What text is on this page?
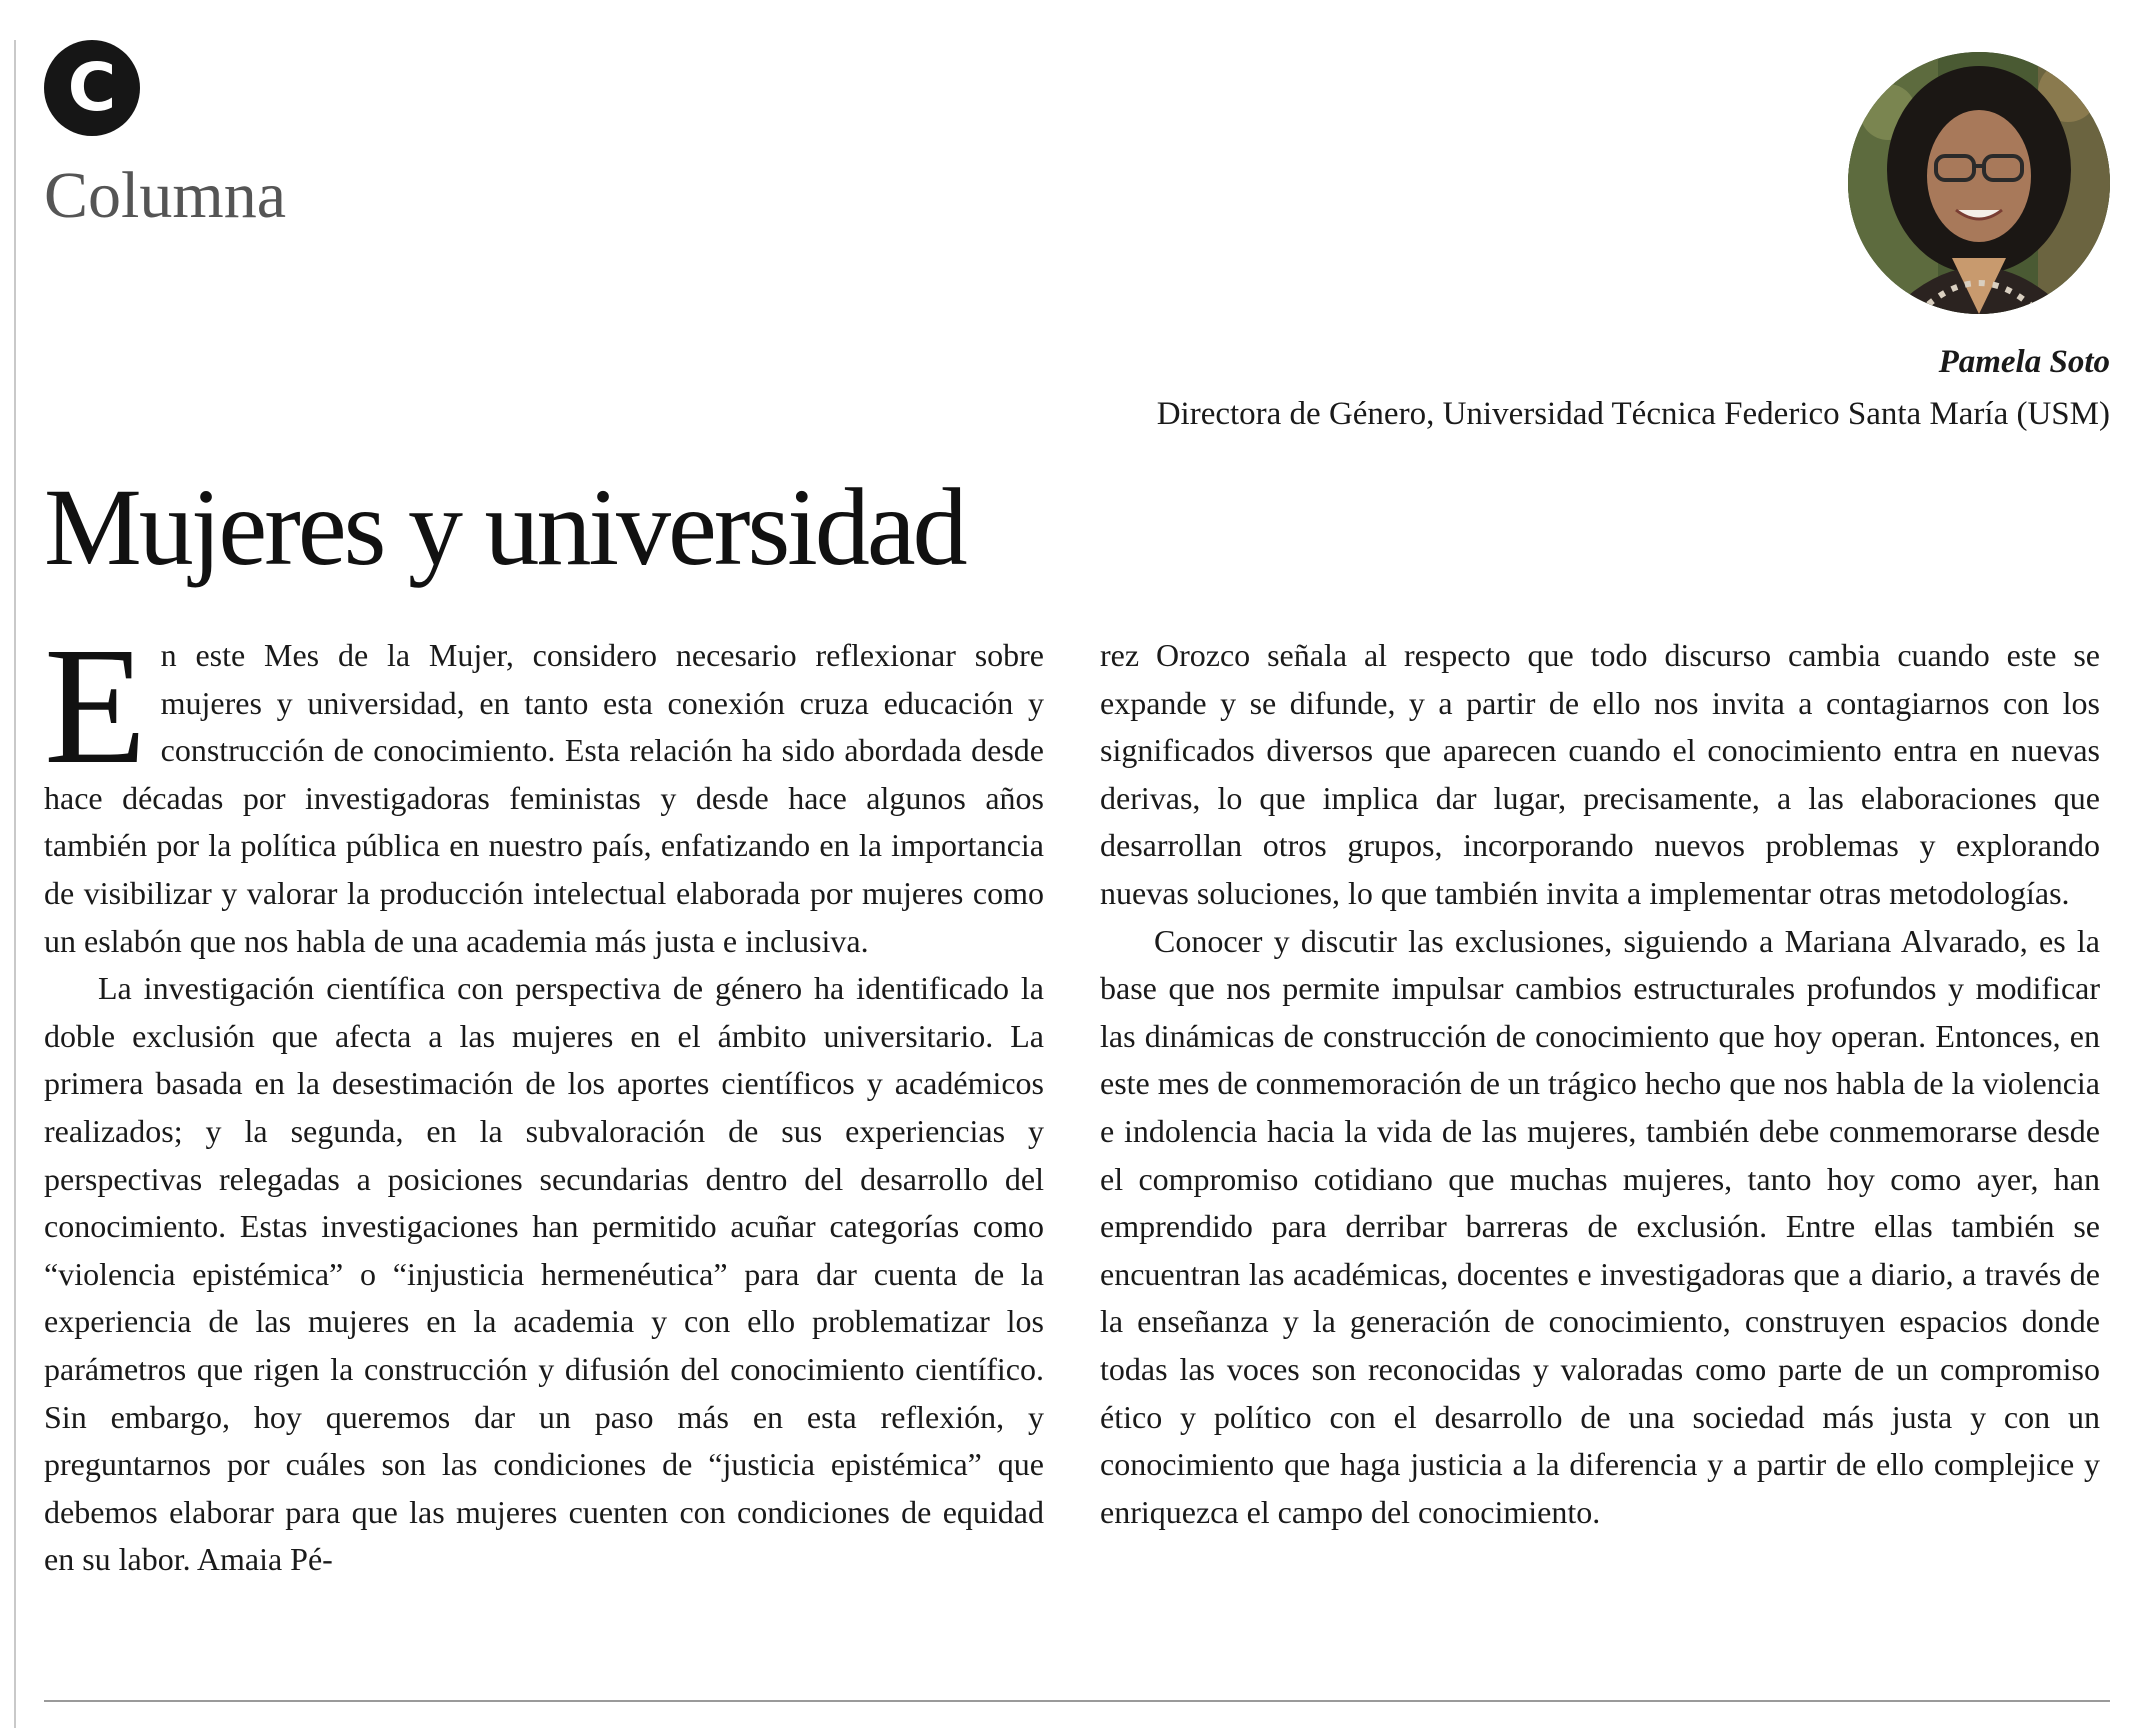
C
Columna
Pamela Soto
Directora de Género, Universidad Técnica Federico Santa María (USM)
Mujeres y universidad

En este Mes de la Mujer, considero necesario reflexionar sobre mujeres y universidad, en tanto esta conexión cruza educación y construcción de conocimiento. Esta relación ha sido abordada desde hace décadas por investigadoras feministas y desde hace algunos años también por la política pública en nuestro país, enfatizando en la importancia de visibilizar y valorar la producción intelectual elaborada por mujeres como un eslabón que nos habla de una academia más justa e inclusiva.

La investigación científica con perspectiva de género ha identificado la doble exclusión que afecta a las mujeres en el ámbito universitario. La primera basada en la desestimación de los aportes científicos y académicos realizados; y la segunda, en la subvaloración de sus experiencias y perspectivas relegadas a posiciones secundarias dentro del desarrollo del conocimiento. Estas investigaciones han permitido acuñar categorías como “violencia epistémica” o “injusticia hermenéutica” para dar cuenta de la experiencia de las mujeres en la academia y con ello problematizar los parámetros que rigen la construcción y difusión del conocimiento científico. Sin embargo, hoy queremos dar un paso más en esta reflexión, y preguntarnos por cuáles son las condiciones de “justicia epistémica” que debemos elaborar para que las mujeres cuenten con condiciones de equidad en su labor. Amaia Pé-

rez Orozco señala al respecto que todo discurso cambia cuando este se expande y se difunde, y a partir de ello nos invita a contagiarnos con los significados diversos que aparecen cuando el conocimiento entra en nuevas derivas, lo que implica dar lugar, precisamente, a las elaboraciones que desarrollan otros grupos, incorporando nuevos problemas y explorando nuevas soluciones, lo que también invita a implementar otras metodologías.

Conocer y discutir las exclusiones, siguiendo a Mariana Alvarado, es la base que nos permite impulsar cambios estructurales profundos y modificar las dinámicas de construcción de conocimiento que hoy operan. Entonces, en este mes de conmemoración de un trágico hecho que nos habla de la violencia e indolencia hacia la vida de las mujeres, también debe conmemorarse desde el compromiso cotidiano que muchas mujeres, tanto hoy como ayer, han emprendido para derribar barreras de exclusión. Entre ellas también se encuentran las académicas, docentes e investigadoras que a diario, a través de la enseñanza y la generación de conocimiento, construyen espacios donde todas las voces son reconocidas y valoradas como parte de un compromiso ético y político con el desarrollo de una sociedad más justa y con un conocimiento que haga justicia a la diferencia y a partir de ello complejice y enriquezca el campo del conocimiento.
